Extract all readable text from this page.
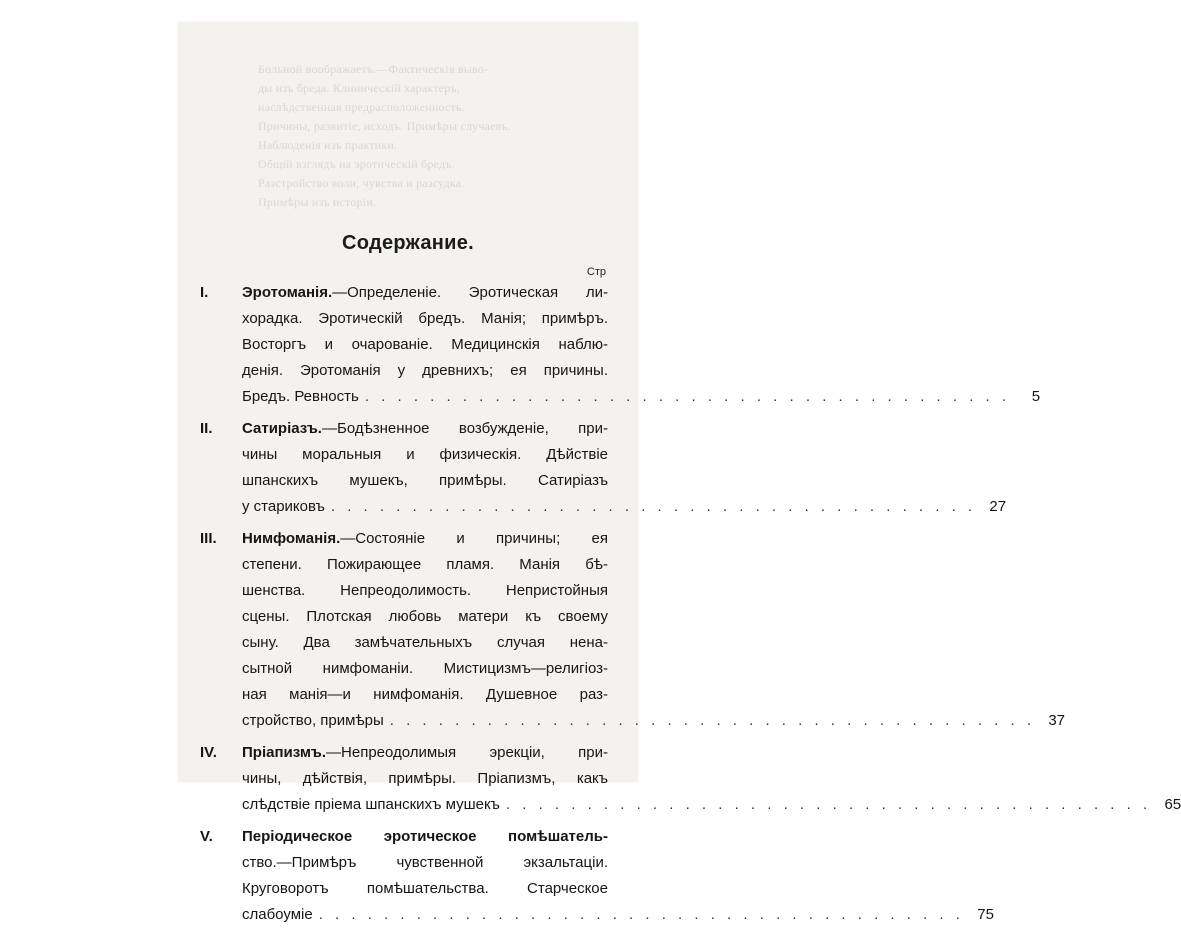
Больной воображаетъ.—Фактическія выво-
ды изъ бреда. Клиническій характеръ,
наслѣдственная предрасположенность.
Причины, развитіе, исходъ. Примѣры случаевъ.
Наблюденія изъ практики.
Общій взглядъ на эротическій бредъ.
Разстройство воли, чувства и разсудка.
Примѣры изъ исторіи.
Содержание.
Стр
I. Эротоманія.—Определеніе. Эротическая ли-
хорадка. Эротическій бредъ. Манія; примѣръ.
Восторгъ и очарованіе. Медицинскія наблю-
денія. Эротоманія у древнихъ; ея причины.
Бредъ. Ревность . . . . . . . . . . . . . . . . . . . . . . . . . . . . . . . . . . . . . . . .	5
II. Сатиріазъ.—Бодѣзненное возбужденіе, при-
чины моральныя и физическія. Дѣйствіе
шпанскихъ мушекъ, примѣры. Сатиріазъ
у стариковъ . . . . . . . . . . . . . . . . . . . . . . . . . . . . . . . . . . . . . . . . 27
III. Нимфоманія.—Состояніе и причины; ея
степени. Пожирающее пламя. Манія бѣ-
шенства. Непреодолимость. Непристойныя
сцены. Плотская любовь матери къ своему
сыну. Два замѣчательныхъ случая нена-
сытной нимфоманіи. Мистицизмъ—религіоз-
ная манія—и нимфоманія. Душевное раз-
стройство, примѣры . . . . . . . . . . . . . . . . . . . . . . . . . . . . . . . . . . . . . . . . 37
IV. Пріапизмъ.—Непреодолимыя эрекціи, при-
чины, дѣйствія, примѣры. Пріапизмъ, какъ
слѣдствіе пріема шпанскихъ мушекъ . . . . . . . . . . . . . . . . . . . . . . . . . . . . . . . . . . . . . . . . 65
V. Періодическое эротическое помѣшатель-
ство.—Примѣръ чувственной экзальтаціи.
Круговоротъ помѣшательства. Старческое
слабоуміе . . . . . . . . . . . . . . . . . . . . . . . . . . . . . . . . . . . . . . . . 75
